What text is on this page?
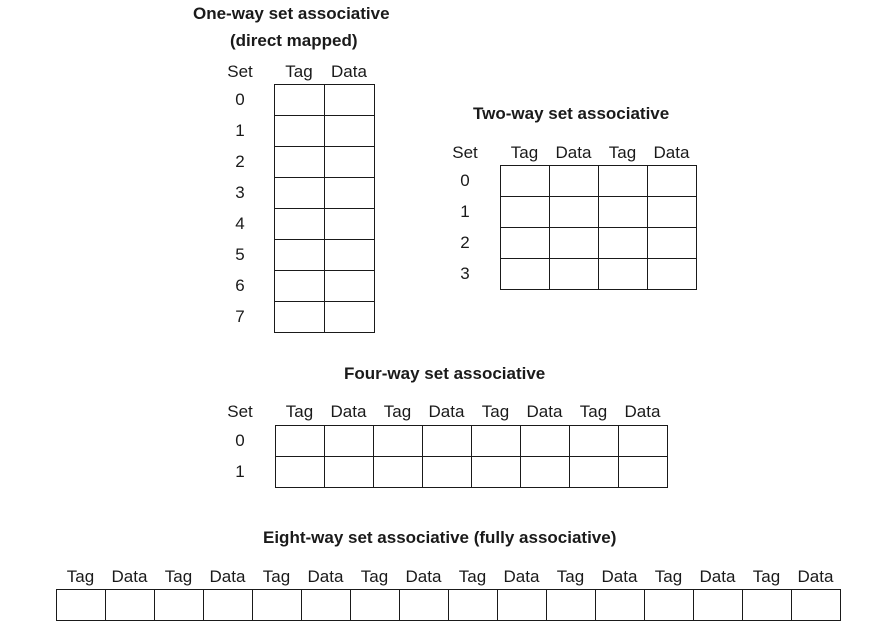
One-way set associative
(direct mapped)
Set	Tag	Data
0
1
2
3
4
5
6
7

Two-way set associative
Set	Tag	Data	Tag	Data
0
1
2
3

Four-way set associative
Set	Tag	Data	Tag	Data	Tag	Data	Tag	Data
0
1

Eight-way set associative (fully associative)
Tag	Data	Tag	Data	Tag	Data	Tag	Data	Tag	Data	Tag	Data	Tag	Data	Tag	Data
